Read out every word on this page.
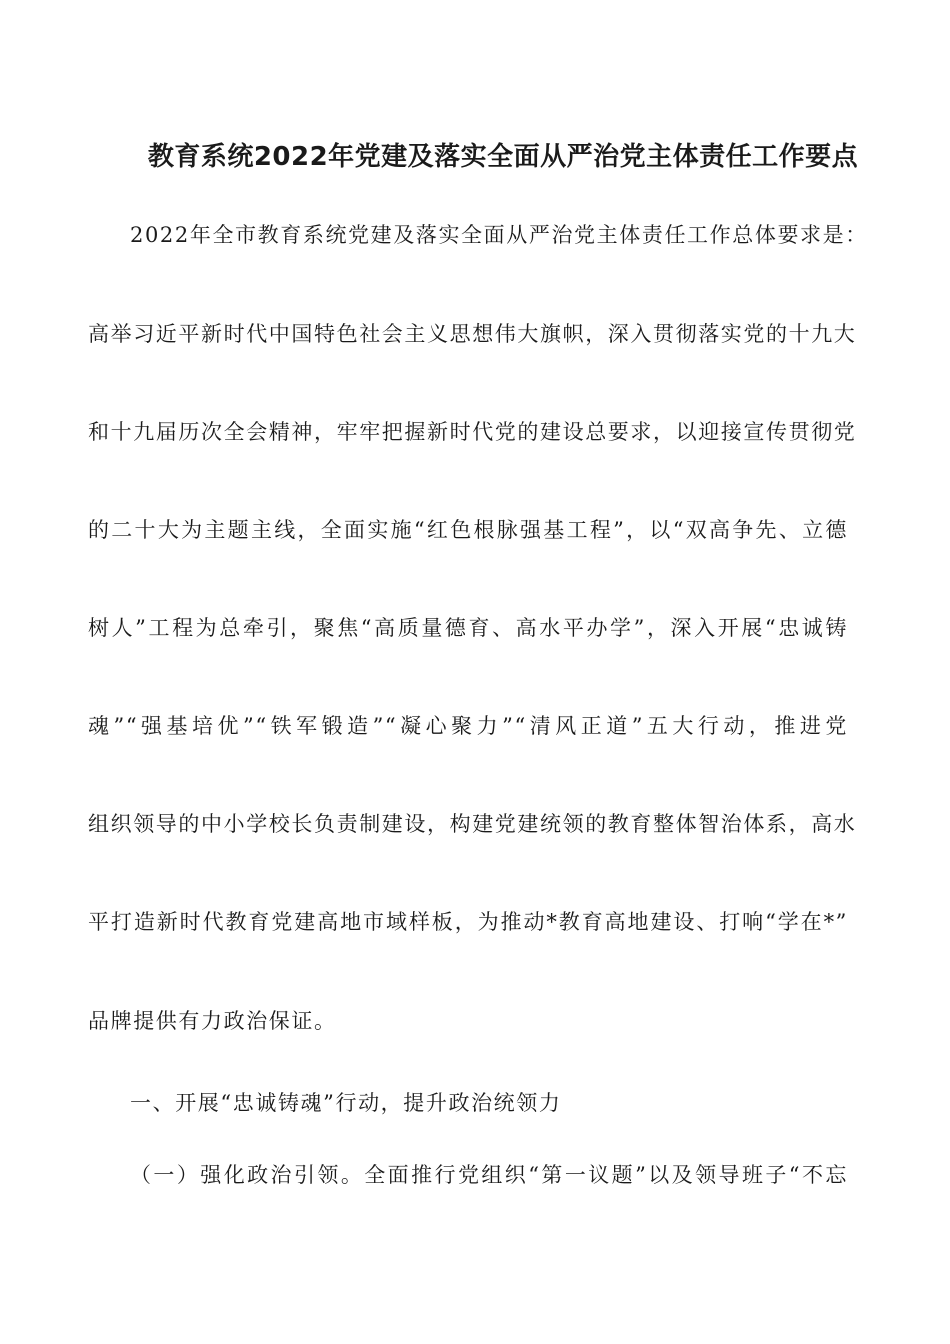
教育系统2022年党建及落实全面从严治党主体责任工作要点
2022年全市教育系统党建及落实全面从严治党主体责任工作总体要求是：
高举习近平新时代中国特色社会主义思想伟大旗帜，深入贯彻落实党的十九大
和十九届历次全会精神，牢牢把握新时代党的建设总要求，以迎接宣传贯彻党
的二十大为主题主线，全面实施“红色根脉强基工程”，以“双高争先、立德
树人”工程为总牵引，聚焦“高质量德育、高水平办学”，深入开展“忠诚铸
魂”“强基培优”“铁军锻造”“凝心聚力”“清风正道”五大行动，推进党
组织领导的中小学校长负责制建设，构建党建统领的教育整体智治体系，高水
平打造新时代教育党建高地市域样板，为推动*教育高地建设、打响“学在*”
品牌提供有力政治保证。
一、开展“忠诚铸魂”行动，提升政治统领力
（一）强化政治引领。全面推行党组织“第一议题”以及领导班子“不忘
